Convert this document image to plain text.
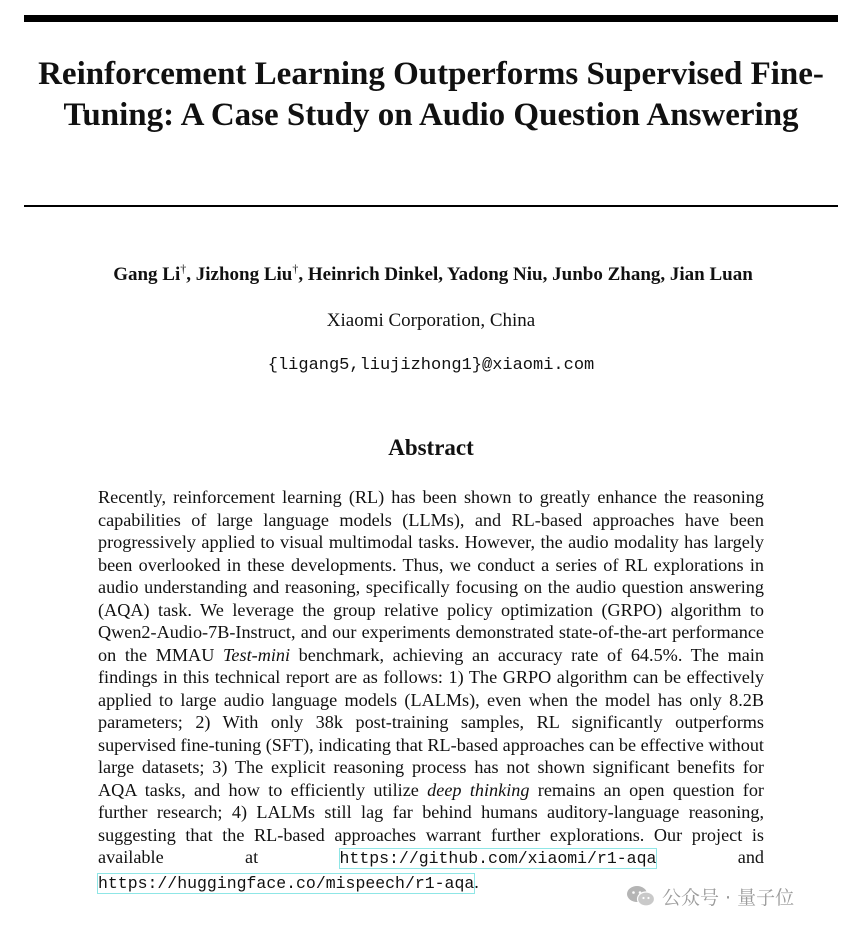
Reinforcement Learning Outperforms Supervised Fine-Tuning: A Case Study on Audio Question Answering
Gang Li†, Jizhong Liu†, Heinrich Dinkel, Yadong Niu, Junbo Zhang, Jian Luan
Xiaomi Corporation, China
{ligang5,liujizhong1}@xiaomi.com
Abstract

Recently, reinforcement learning (RL) has been shown to greatly enhance the reasoning capabilities of large language models (LLMs), and RL-based approaches have been progressively applied to visual multimodal tasks. However, the audio modality has largely been overlooked in these developments. Thus, we conduct a series of RL explorations in audio understanding and reasoning, specifically focusing on the audio question answering (AQA) task. We leverage the group relative policy optimization (GRPO) algorithm to Qwen2-Audio-7B-Instruct, and our experiments demonstrated state-of-the-art performance on the MMAU Test-mini benchmark, achieving an accuracy rate of 64.5%. The main findings in this technical report are as follows: 1) The GRPO algorithm can be effectively applied to large audio language models (LALMs), even when the model has only 8.2B parameters; 2) With only 38k post-training samples, RL significantly outperforms supervised fine-tuning (SFT), indicating that RL-based approaches can be effective without large datasets; 3) The explicit reasoning process has not shown significant benefits for AQA tasks, and how to efficiently utilize deep thinking remains an open question for further research; 4) LALMs still lag far behind humans auditory-language reasoning, suggesting that the RL-based approaches warrant further explorations. Our project is available at https://github.com/xiaomi/r1-aqa and https://huggingface.co/mispeech/r1-aqa.

公众号 · 量子位
